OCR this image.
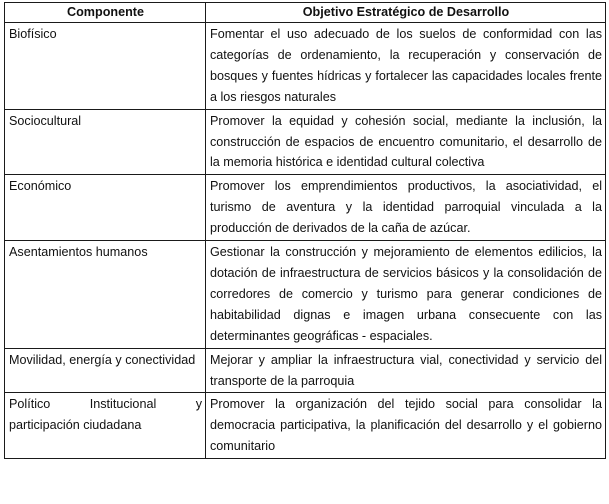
Componente	Objetivo Estratégico de Desarrollo

Biofísico	Fomentar el uso adecuado de los suelos de conformidad con las categorías de ordenamiento, la recuperación y conservación de bosques y fuentes hídricas y fortalecer las capacidades locales frente a los riesgos naturales

Sociocultural	Promover la equidad y cohesión social, mediante la inclusión, la construcción de espacios de encuentro comunitario, el desarrollo de la memoria histórica e identidad cultural colectiva

Económico	Promover los emprendimientos productivos, la asociatividad, el turismo de aventura y la identidad parroquial vinculada a la producción de derivados de la caña de azúcar.

Asentamientos humanos	Gestionar la construcción y mejoramiento de elementos edilicios, la dotación de infraestructura de servicios básicos y la consolidación de corredores de comercio y turismo para generar condiciones de habitabilidad dignas e imagen urbana consecuente con las determinantes geográficas - espaciales.

Movilidad, energía y conectividad	Mejorar y ampliar la infraestructura vial, conectividad y servicio del transporte de la parroquia

Político Institucional y participación ciudadana	Promover la organización del tejido social para consolidar la democracia participativa, la planificación del desarrollo y el gobierno comunitario
